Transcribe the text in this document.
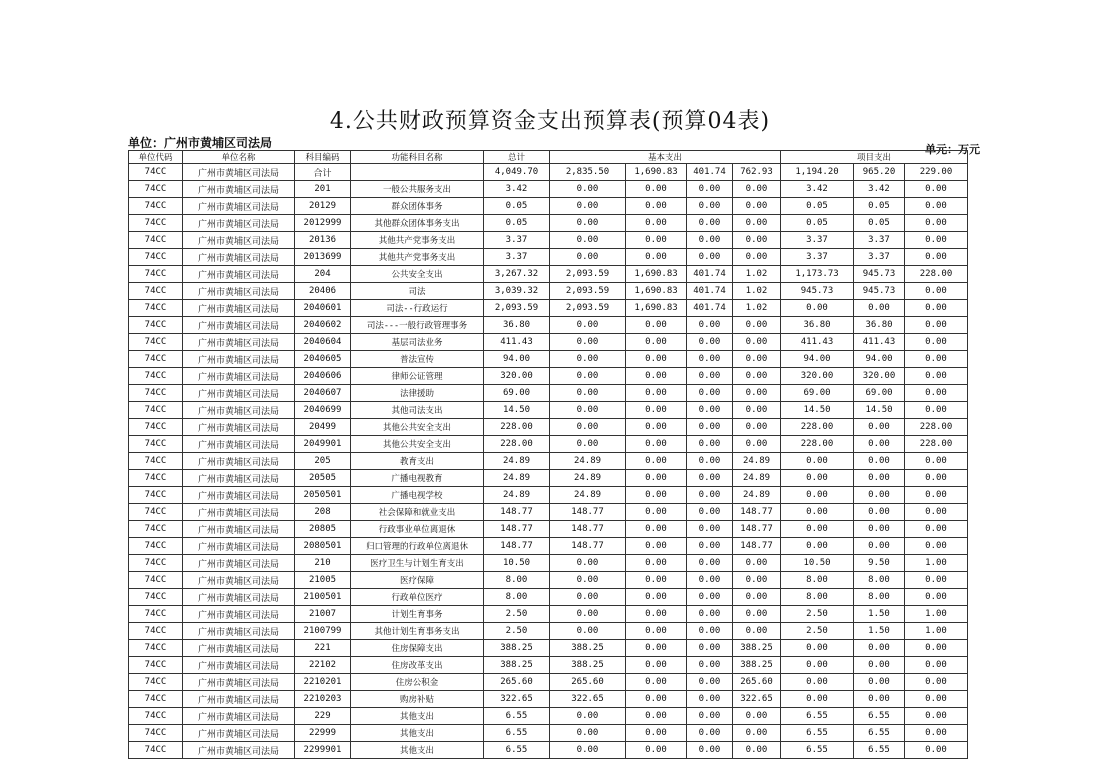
4.公共财政预算资金支出预算表(预算04表)
单位：广州市黄埔区司法局	单元：万元
单位代码	单位名称	科目编码	功能科目名称	总计	基本支出				项目支出		
74CC	广州市黄埔区司法局	合计		4,049.70	2,835.50	1,690.83	401.74	762.93	1,194.20	965.20	229.00
74CC	广州市黄埔区司法局	201	一般公共服务支出	3.42	0.00	0.00	0.00	0.00	3.42	3.42	0.00
74CC	广州市黄埔区司法局	20129	群众团体事务	0.05	0.00	0.00	0.00	0.00	0.05	0.05	0.00
74CC	广州市黄埔区司法局	2012999	其他群众团体事务支出	0.05	0.00	0.00	0.00	0.00	0.05	0.05	0.00
74CC	广州市黄埔区司法局	20136	其他共产党事务支出	3.37	0.00	0.00	0.00	0.00	3.37	3.37	0.00
74CC	广州市黄埔区司法局	2013699	其他共产党事务支出	3.37	0.00	0.00	0.00	0.00	3.37	3.37	0.00
74CC	广州市黄埔区司法局	204	公共安全支出	3,267.32	2,093.59	1,690.83	401.74	1.02	1,173.73	945.73	228.00
74CC	广州市黄埔区司法局	20406	司法	3,039.32	2,093.59	1,690.83	401.74	1.02	945.73	945.73	0.00
74CC	广州市黄埔区司法局	2040601	司法--行政运行	2,093.59	2,093.59	1,690.83	401.74	1.02	0.00	0.00	0.00
74CC	广州市黄埔区司法局	2040602	司法---一般行政管理事务	36.80	0.00	0.00	0.00	0.00	36.80	36.80	0.00
74CC	广州市黄埔区司法局	2040604	基层司法业务	411.43	0.00	0.00	0.00	0.00	411.43	411.43	0.00
74CC	广州市黄埔区司法局	2040605	普法宣传	94.00	0.00	0.00	0.00	0.00	94.00	94.00	0.00
74CC	广州市黄埔区司法局	2040606	律师公证管理	320.00	0.00	0.00	0.00	0.00	320.00	320.00	0.00
74CC	广州市黄埔区司法局	2040607	法律援助	69.00	0.00	0.00	0.00	0.00	69.00	69.00	0.00
74CC	广州市黄埔区司法局	2040699	其他司法支出	14.50	0.00	0.00	0.00	0.00	14.50	14.50	0.00
74CC	广州市黄埔区司法局	20499	其他公共安全支出	228.00	0.00	0.00	0.00	0.00	228.00	0.00	228.00
74CC	广州市黄埔区司法局	2049901	其他公共安全支出	228.00	0.00	0.00	0.00	0.00	228.00	0.00	228.00
74CC	广州市黄埔区司法局	205	教育支出	24.89	24.89	0.00	0.00	24.89	0.00	0.00	0.00
74CC	广州市黄埔区司法局	20505	广播电视教育	24.89	24.89	0.00	0.00	24.89	0.00	0.00	0.00
74CC	广州市黄埔区司法局	2050501	广播电视学校	24.89	24.89	0.00	0.00	24.89	0.00	0.00	0.00
74CC	广州市黄埔区司法局	208	社会保障和就业支出	148.77	148.77	0.00	0.00	148.77	0.00	0.00	0.00
74CC	广州市黄埔区司法局	20805	行政事业单位离退休	148.77	148.77	0.00	0.00	148.77	0.00	0.00	0.00
74CC	广州市黄埔区司法局	2080501	归口管理的行政单位离退休	148.77	148.77	0.00	0.00	148.77	0.00	0.00	0.00
74CC	广州市黄埔区司法局	210	医疗卫生与计划生育支出	10.50	0.00	0.00	0.00	0.00	10.50	9.50	1.00
74CC	广州市黄埔区司法局	21005	医疗保障	8.00	0.00	0.00	0.00	0.00	8.00	8.00	0.00
74CC	广州市黄埔区司法局	2100501	行政单位医疗	8.00	0.00	0.00	0.00	0.00	8.00	8.00	0.00
74CC	广州市黄埔区司法局	21007	计划生育事务	2.50	0.00	0.00	0.00	0.00	2.50	1.50	1.00
74CC	广州市黄埔区司法局	2100799	其他计划生育事务支出	2.50	0.00	0.00	0.00	0.00	2.50	1.50	1.00
74CC	广州市黄埔区司法局	221	住房保障支出	388.25	388.25	0.00	0.00	388.25	0.00	0.00	0.00
74CC	广州市黄埔区司法局	22102	住房改革支出	388.25	388.25	0.00	0.00	388.25	0.00	0.00	0.00
74CC	广州市黄埔区司法局	2210201	住房公积金	265.60	265.60	0.00	0.00	265.60	0.00	0.00	0.00
74CC	广州市黄埔区司法局	2210203	购房补贴	322.65	322.65	0.00	0.00	322.65	0.00	0.00	0.00
74CC	广州市黄埔区司法局	229	其他支出	6.55	0.00	0.00	0.00	0.00	6.55	6.55	0.00
74CC	广州市黄埔区司法局	22999	其他支出	6.55	0.00	0.00	0.00	0.00	6.55	6.55	0.00
74CC	广州市黄埔区司法局	2299901	其他支出	6.55	0.00	0.00	0.00	0.00	6.55	6.55	0.00
